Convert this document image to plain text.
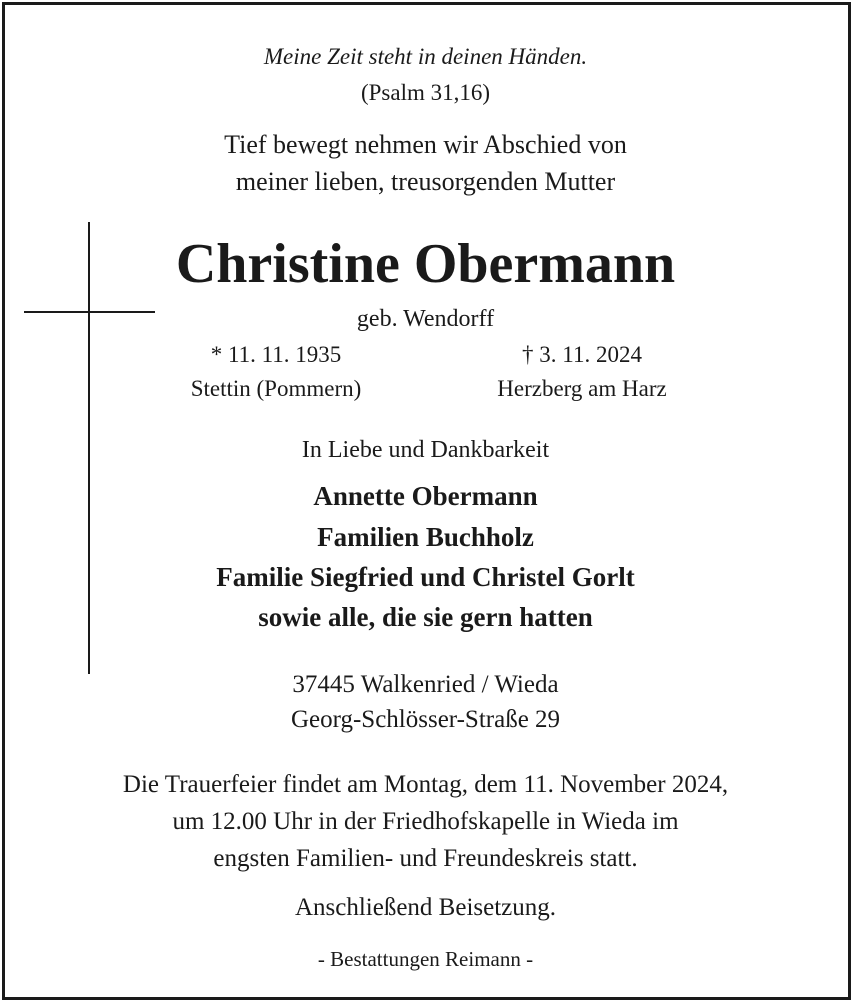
Meine Zeit steht in deinen Händen.
(Psalm 31,16)
Tief bewegt nehmen wir Abschied von
meiner lieben, treusorgenden Mutter
Christine Obermann
geb. Wendorff
* 11. 11. 1935
Stettin (Pommern)
† 3. 11. 2024
Herzberg am Harz
In Liebe und Dankbarkeit
Annette Obermann
Familien Buchholz
Familie Siegfried und Christel Gorlt
sowie alle, die sie gern hatten
37445 Walkenried / Wieda
Georg-Schlösser-Straße 29
Die Trauerfeier findet am Montag, dem 11. November 2024,
um 12.00 Uhr in der Friedhofskapelle in Wieda im
engsten Familien- und Freundeskreis statt.
Anschließend Beisetzung.
- Bestattungen Reimann -
